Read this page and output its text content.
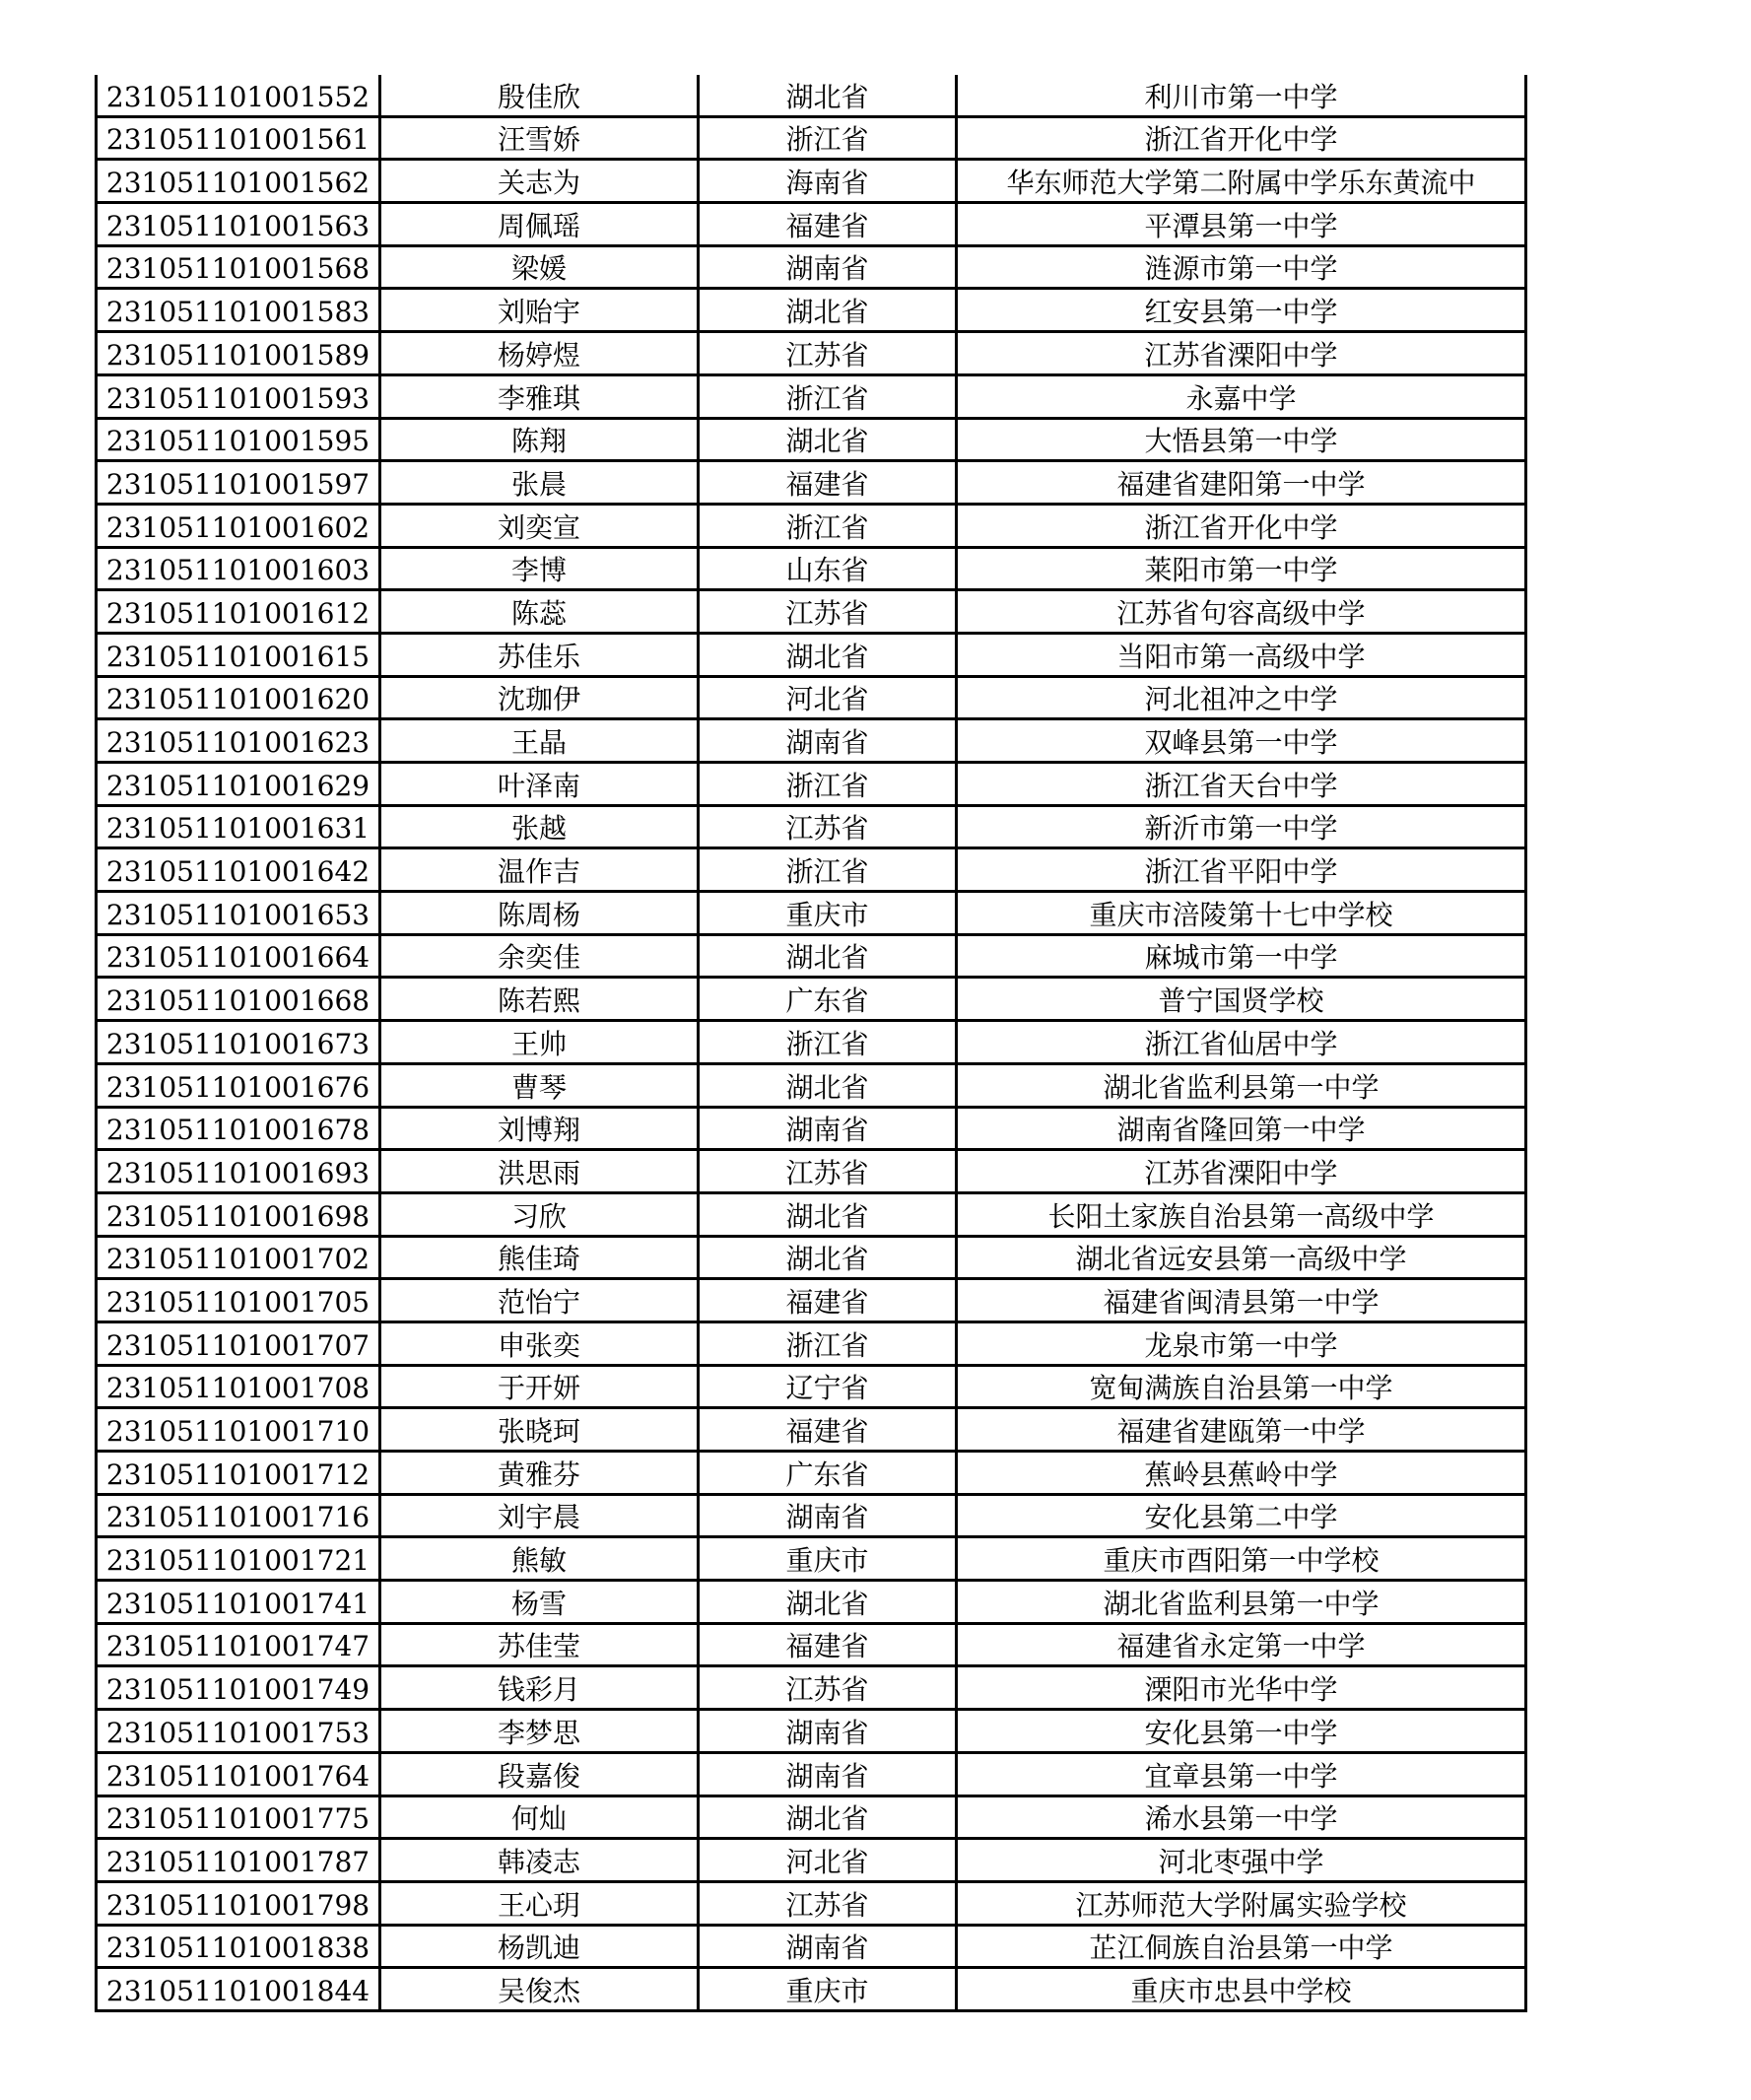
231051101001552	殷佳欣	湖北省	利川市第一中学
231051101001561	汪雪娇	浙江省	浙江省开化中学
231051101001562	关志为	海南省	华东师范大学第二附属中学乐东黄流中
231051101001563	周佩瑶	福建省	平潭县第一中学
231051101001568	梁媛	湖南省	涟源市第一中学
231051101001583	刘贻宇	湖北省	红安县第一中学
231051101001589	杨婷煜	江苏省	江苏省溧阳中学
231051101001593	李雅琪	浙江省	永嘉中学
231051101001595	陈翔	湖北省	大悟县第一中学
231051101001597	张晨	福建省	福建省建阳第一中学
231051101001602	刘奕宣	浙江省	浙江省开化中学
231051101001603	李博	山东省	莱阳市第一中学
231051101001612	陈蕊	江苏省	江苏省句容高级中学
231051101001615	苏佳乐	湖北省	当阳市第一高级中学
231051101001620	沈珈伊	河北省	河北祖冲之中学
231051101001623	王晶	湖南省	双峰县第一中学
231051101001629	叶泽南	浙江省	浙江省天台中学
231051101001631	张越	江苏省	新沂市第一中学
231051101001642	温作吉	浙江省	浙江省平阳中学
231051101001653	陈周杨	重庆市	重庆市涪陵第十七中学校
231051101001664	余奕佳	湖北省	麻城市第一中学
231051101001668	陈若熙	广东省	普宁国贤学校
231051101001673	王帅	浙江省	浙江省仙居中学
231051101001676	曹琴	湖北省	湖北省监利县第一中学
231051101001678	刘博翔	湖南省	湖南省隆回第一中学
231051101001693	洪思雨	江苏省	江苏省溧阳中学
231051101001698	习欣	湖北省	长阳土家族自治县第一高级中学
231051101001702	熊佳琦	湖北省	湖北省远安县第一高级中学
231051101001705	范怡宁	福建省	福建省闽清县第一中学
231051101001707	申张奕	浙江省	龙泉市第一中学
231051101001708	于开妍	辽宁省	宽甸满族自治县第一中学
231051101001710	张晓珂	福建省	福建省建瓯第一中学
231051101001712	黄雅芬	广东省	蕉岭县蕉岭中学
231051101001716	刘宇晨	湖南省	安化县第二中学
231051101001721	熊敏	重庆市	重庆市酉阳第一中学校
231051101001741	杨雪	湖北省	湖北省监利县第一中学
231051101001747	苏佳莹	福建省	福建省永定第一中学
231051101001749	钱彩月	江苏省	溧阳市光华中学
231051101001753	李梦思	湖南省	安化县第一中学
231051101001764	段嘉俊	湖南省	宜章县第一中学
231051101001775	何灿	湖北省	浠水县第一中学
231051101001787	韩凌志	河北省	河北枣强中学
231051101001798	王心玥	江苏省	江苏师范大学附属实验学校
231051101001838	杨凯迪	湖南省	芷江侗族自治县第一中学
231051101001844	吴俊杰	重庆市	重庆市忠县中学校
